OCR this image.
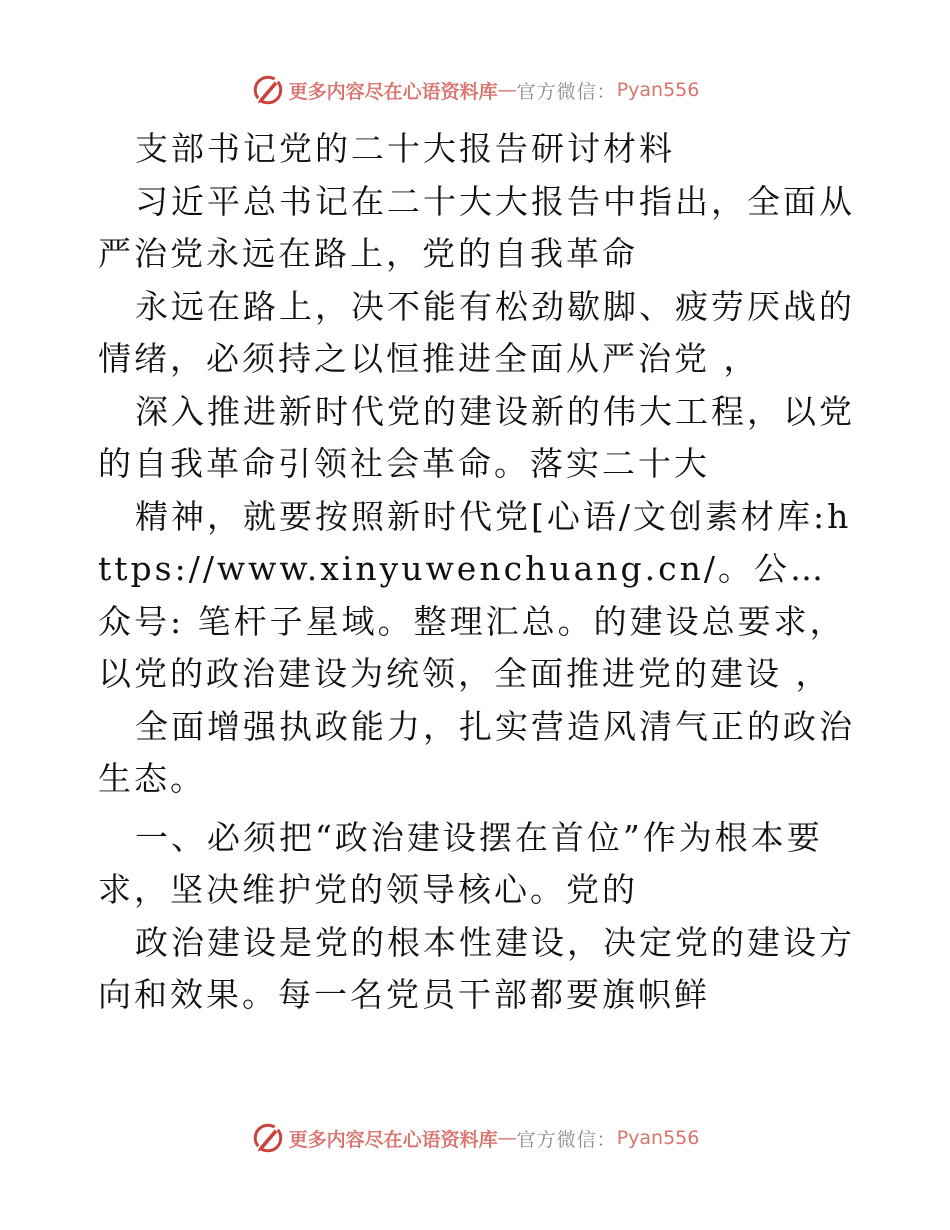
更多内容尽在心语资料库 — 官方微信： Pyan556

支部书记党的二十大报告研讨材料

习近平总书记在二十大大报告中指出，全面从严治党永远在路上，党的自我革命

永远在路上，决不能有松劲歇脚、疲劳厌战的情绪，必须持之以恒推进全面从严治党 ，

深入推进新时代党的建设新的伟大工程，以党的自我革命引领社会革命。落实二十大

精神，就要按照新时代党[心语/文创素材库:https://www.xinyuwenchuang.cn/。公…众号: 笔杆子星域。整理汇总。的建设总要求，以党的政治建设为统领，全面推进党的建设 ，

全面增强执政能力，扎实营造风清气正的政治生态。

一、必须把“政治建设摆在首位”作为根本要求，坚决维护党的领导核心。党的

政治建设是党的根本性建设，决定党的建设方向和效果。每一名党员干部都要旗帜鲜

更多内容尽在心语资料库 — 官方微信： Pyan556
